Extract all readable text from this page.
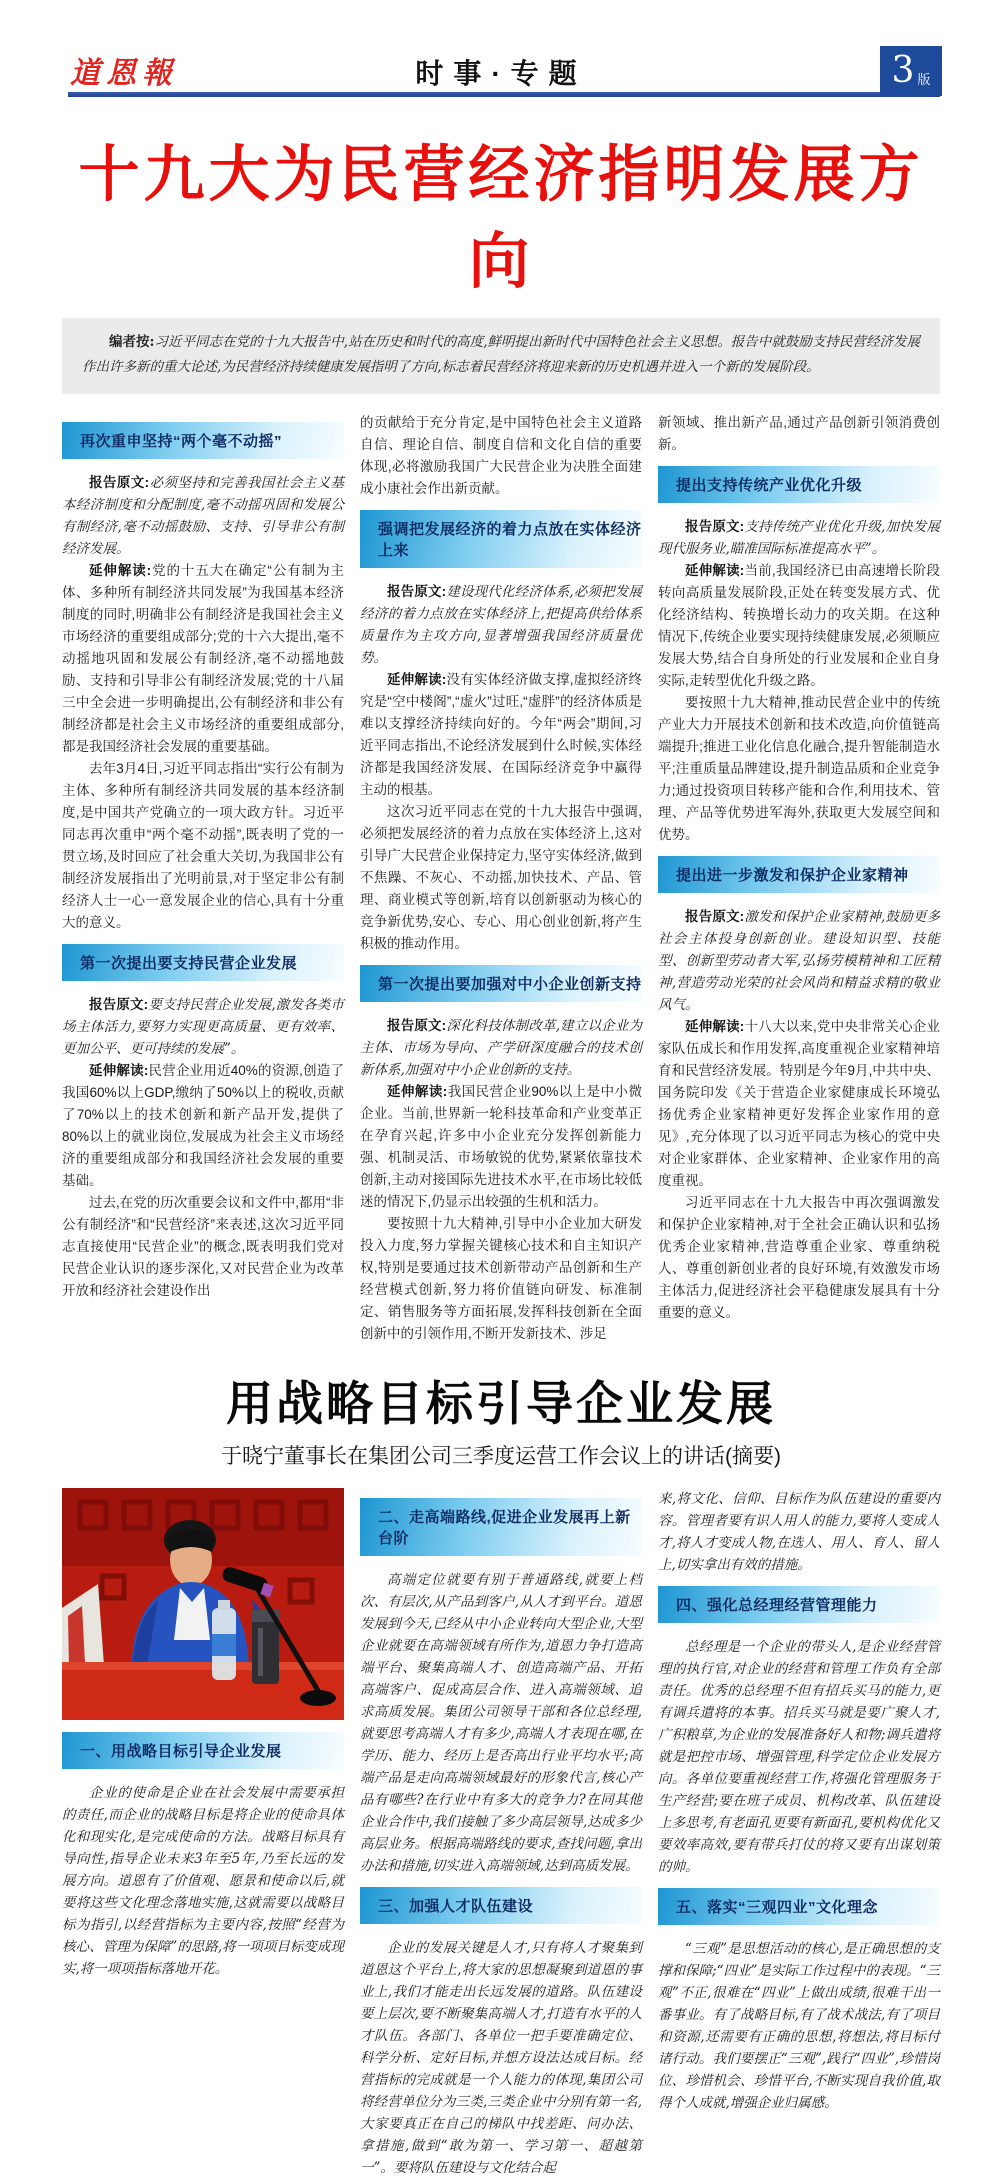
道恩報	时事·专题	3 版
十九大为民营经济指明发展方向
编者按:习近平同志在党的十九大报告中,站在历史和时代的高度,鲜明提出新时代中国特色社会主义思想。报告中就鼓励支持民营经济发展作出许多新的重大论述,为民营经济持续健康发展指明了方向,标志着民营经济将迎来新的历史机遇并进入一个新的发展阶段。
再次重申坚持“两个毫不动摇”

报告原文:必须坚持和完善我国社会主义基本经济制度和分配制度,毫不动摇巩固和发展公有制经济,毫不动摇鼓励、支持、引导非公有制经济发展。

延伸解读:党的十五大在确定“公有制为主体、多种所有制经济共同发展”为我国基本经济制度的同时,明确非公有制经济是我国社会主义市场经济的重要组成部分;党的十六大提出,毫不动摇地巩固和发展公有制经济,毫不动摇地鼓励、支持和引导非公有制经济发展;党的十八届三中全会进一步明确提出,公有制经济和非公有制经济都是社会主义市场经济的重要组成部分,都是我国经济社会发展的重要基础。

去年3月4日,习近平同志指出“实行公有制为主体、多种所有制经济共同发展的基本经济制度,是中国共产党确立的一项大政方针。习近平同志再次重申“两个毫不动摇”,既表明了党的一贯立场,及时回应了社会重大关切,为我国非公有制经济发展指出了光明前景,对于坚定非公有制经济人士一心一意发展企业的信心,具有十分重大的意义。

第一次提出要支持民营企业发展

报告原文:要支持民营企业发展,激发各类市场主体活力,要努力实现更高质量、更有效率、更加公平、更可持续的发展”。

延伸解读:民营企业用近40%的资源,创造了我国60%以上GDP,缴纳了50%以上的税收,贡献了70%以上的技术创新和新产品开发,提供了80%以上的就业岗位,发展成为社会主义市场经济的重要组成部分和我国经济社会发展的重要基础。

过去,在党的历次重要会议和文件中,都用“非公有制经济”和“民营经济”来表述,这次习近平同志直接使用“民营企业”的概念,既表明我们党对民营企业认识的逐步深化,又对民营企业为改革开放和经济社会建设作出

的贡献给于充分肯定,是中国特色社会主义道路自信、理论自信、制度自信和文化自信的重要体现,必将激励我国广大民营企业为决胜全面建成小康社会作出新贡献。

强调把发展经济的着力点放在实体经济上来

报告原文:建设现代化经济体系,必须把发展经济的着力点放在实体经济上,把提高供给体系质量作为主攻方向,显著增强我国经济质量优势。

延伸解读:没有实体经济做支撑,虚拟经济终究是“空中楼阁”,“虚火”过旺,“虚胖”的经济体质是难以支撑经济持续向好的。今年“两会”期间,习近平同志指出,不论经济发展到什么时候,实体经济都是我国经济发展、在国际经济竞争中赢得主动的根基。

这次习近平同志在党的十九大报告中强调,必须把发展经济的着力点放在实体经济上,这对引导广大民营企业保持定力,坚守实体经济,做到不焦躁、不灰心、不动摇,加快技术、产品、管理、商业模式等创新,培育以创新驱动为核心的竞争新优势,安心、专心、用心创业创新,将产生积极的推动作用。

第一次提出要加强对中小企业创新支持

报告原文:深化科技体制改革,建立以企业为主体、市场为导向、产学研深度融合的技术创新体系,加强对中小企业创新的支持。

延伸解读:我国民营企业90%以上是中小微企业。当前,世界新一轮科技革命和产业变革正在孕育兴起,许多中小企业充分发挥创新能力强、机制灵活、市场敏锐的优势,紧紧依靠技术创新,主动对接国际先进技术水平,在市场比较低迷的情况下,仍显示出较强的生机和活力。

要按照十九大精神,引导中小企业加大研发投入力度,努力掌握关键核心技术和自主知识产权,特别是要通过技术创新带动产品创新和生产经营模式创新,努力将价值链向研发、标准制定、销售服务等方面拓展,发挥科技创新在全面创新中的引领作用,不断开发新技术、涉足

新领域、推出新产品,通过产品创新引领消费创新。

提出支持传统产业优化升级

报告原文:支持传统产业优化升级,加快发展现代服务业,瞄准国际标准提高水平”。

延伸解读:当前,我国经济已由高速增长阶段转向高质量发展阶段,正处在转变发展方式、优化经济结构、转换增长动力的攻关期。在这种情况下,传统企业要实现持续健康发展,必须顺应发展大势,结合自身所处的行业发展和企业自身实际,走转型优化升级之路。

要按照十九大精神,推动民营企业中的传统产业大力开展技术创新和技术改造,向价值链高端提升;推进工业化信息化融合,提升智能制造水平;注重质量品牌建设,提升制造品质和企业竞争力;通过投资项目转移产能和合作,利用技术、管理、产品等优势进军海外,获取更大发展空间和优势。

提出进一步激发和保护企业家精神

报告原文:激发和保护企业家精神,鼓励更多社会主体投身创新创业。建设知识型、技能型、创新型劳动者大军,弘扬劳模精神和工匠精神,营造劳动光荣的社会风尚和精益求精的敬业风气。

延伸解读:十八大以来,党中央非常关心企业家队伍成长和作用发挥,高度重视企业家精神培育和民营经济发展。特别是今年9月,中共中央、国务院印发《关于营造企业家健康成长环境弘扬优秀企业家精神更好发挥企业家作用的意见》,充分体现了以习近平同志为核心的党中央对企业家群体、企业家精神、企业家作用的高度重视。

习近平同志在十九大报告中再次强调激发和保护企业家精神,对于全社会正确认识和弘扬优秀企业家精神,营造尊重企业家、尊重纳税人、尊重创新创业者的良好环境,有效激发市场主体活力,促进经济社会平稳健康发展具有十分重要的意义。

用战略目标引导企业发展
于晓宁董事长在集团公司三季度运营工作会议上的讲话(摘要)
一、用战略目标引导企业发展

企业的使命是企业在社会发展中需要承担的责任,而企业的战略目标是将企业的使命具体化和现实化,是完成使命的方法。战略目标具有导向性,指导企业未来3年至5年,乃至长远的发展方向。道恩有了价值观、愿景和使命以后,就要将这些文化理念落地实施,这就需要以战略目标为指引,以经营指标为主要内容,按照“经营为核心、管理为保障”的思路,将一项项目标变成现实,将一项项指标落地开花。

二、走高端路线,促进企业发展再上新台阶

高端定位就要有别于普通路线,就要上档次、有层次,从产品到客户,从人才到平台。道恩发展到今天,已经从中小企业转向大型企业,大型企业就要在高端领域有所作为,道恩力争打造高端平台、聚集高端人才、创造高端产品、开拓高端客户、促成高层合作、进入高端领域、追求高质发展。集团公司领导干部和各位总经理,就要思考高端人才有多少,高端人才表现在哪,在学历、能力、经历上是否高出行业平均水平;高端产品是走向高端领域最好的形象代言,核心产品有哪些?在行业中有多大的竞争力?在同其他企业合作中,我们接触了多少高层领导,达成多少高层业务。根据高端路线的要求,查找问题,拿出办法和措施,切实进入高端领域,达到高质发展。

三、加强人才队伍建设

企业的发展关键是人才,只有将人才聚集到道恩这个平台上,将大家的思想凝聚到道恩的事业上,我们才能走出长远发展的道路。队伍建设要上层次,要不断聚集高端人才,打造有水平的人才队伍。各部门、各单位一把手要准确定位、科学分析、定好目标,并想方设法达成目标。经营指标的完成就是一个人能力的体现,集团公司将经营单位分为三类,三类企业中分别有第一名,大家要真正在自己的梯队中找差距、问办法、拿措施,做到“敢为第一、学习第一、超越第一”。要将队伍建设与文化结合起

来,将文化、信仰、目标作为队伍建设的重要内容。管理者要有识人用人的能力,要将人变成人才,将人才变成人物,在选人、用人、育人、留人上,切实拿出有效的措施。

四、强化总经理经营管理能力

总经理是一个企业的带头人,是企业经营管理的执行官,对企业的经营和管理工作负有全部责任。优秀的总经理不但有招兵买马的能力,更有调兵遣将的本事。招兵买马就是要广聚人才,广积粮草,为企业的发展准备好人和物;调兵遣将就是把控市场、增强管理,科学定位企业发展方向。各单位要重视经营工作,将强化管理服务于生产经营;要在班子成员、机构改革、队伍建设上多思考,有老面孔更要有新面孔,要机构优化又要效率高效,要有带兵打仗的将又要有出谋划策的帅。

五、落实“三观四业”文化理念

“三观”是思想活动的核心,是正确思想的支撑和保障;“四业”是实际工作过程中的表现。“三观”不正,很难在“四业”上做出成绩,很难干出一番事业。有了战略目标,有了战术战法,有了项目和资源,还需要有正确的思想,将想法,将目标付诸行动。我们要摆正“三观”,践行“四业”,珍惜岗位、珍惜机会、珍惜平台,不断实现自我价值,取得个人成就,增强企业归属感。
